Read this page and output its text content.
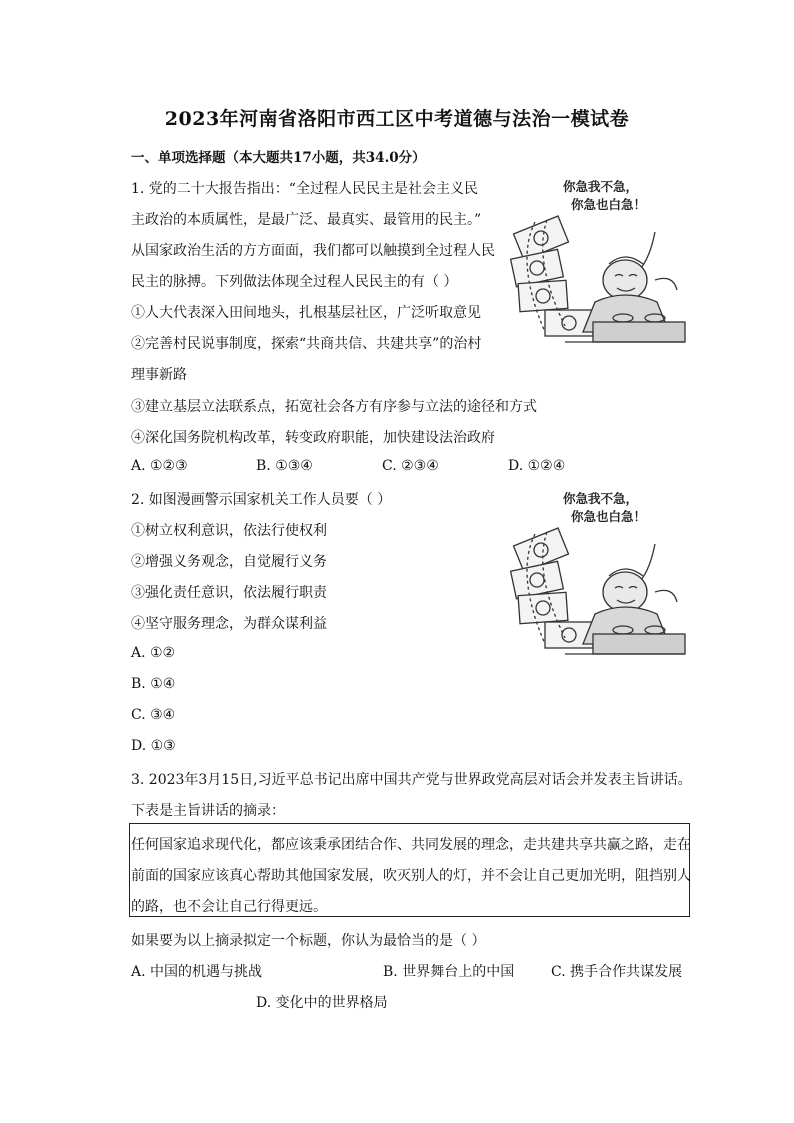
2023年河南省洛阳市西工区中考道德与法治一模试卷
一、单项选择题（本大题共17小题，共34.0分）
1. 党的二十大报告指出：“全过程人民民主是社会主义民
主政治的本质属性，是最广泛、最真实、最管用的民主。”
从国家政治生活的方方面面，我们都可以触摸到全过程人民
民主的脉搏。下列做法体现全过程人民民主的有（ ）
①人大代表深入田间地头，扎根基层社区，广泛听取意见
②完善村民说事制度，探索“共商共信、共建共享”的治村
理事新路
③建立基层立法联系点，拓宽社会各方有序参与立法的途径和方式
④深化国务院机构改革，转变政府职能，加快建设法治政府
A. ①②③	B. ①③④	C. ②③④	D. ①②④
你急我不急，
你急也白急！
2. 如图漫画警示国家机关工作人员要（ ）
①树立权利意识，依法行使权利
②增强义务观念，自觉履行义务
③强化责任意识，依法履行职责
④坚守服务理念，为群众谋利益
A. ①②
B. ①④
C. ③④
D. ①③
你急我不急，
你急也白急！
3. 2023年3月15日,习近平总书记出席中国共产党与世界政党高层对话会并发表主旨讲话。
下表是主旨讲话的摘录：
任何国家追求现代化，都应该秉承团结合作、共同发展的理念，走共建共享共赢之路，走在
前面的国家应该真心帮助其他国家发展，吹灭别人的灯，并不会让自己更加光明，阻挡别人
的路，也不会让自己行得更远。
如果要为以上摘录拟定一个标题，你认为最恰当的是（ ）
A. 中国的机遇与挑战	B. 世界舞台上的中国	C. 携手合作共谋发展
D. 变化中的世界格局
